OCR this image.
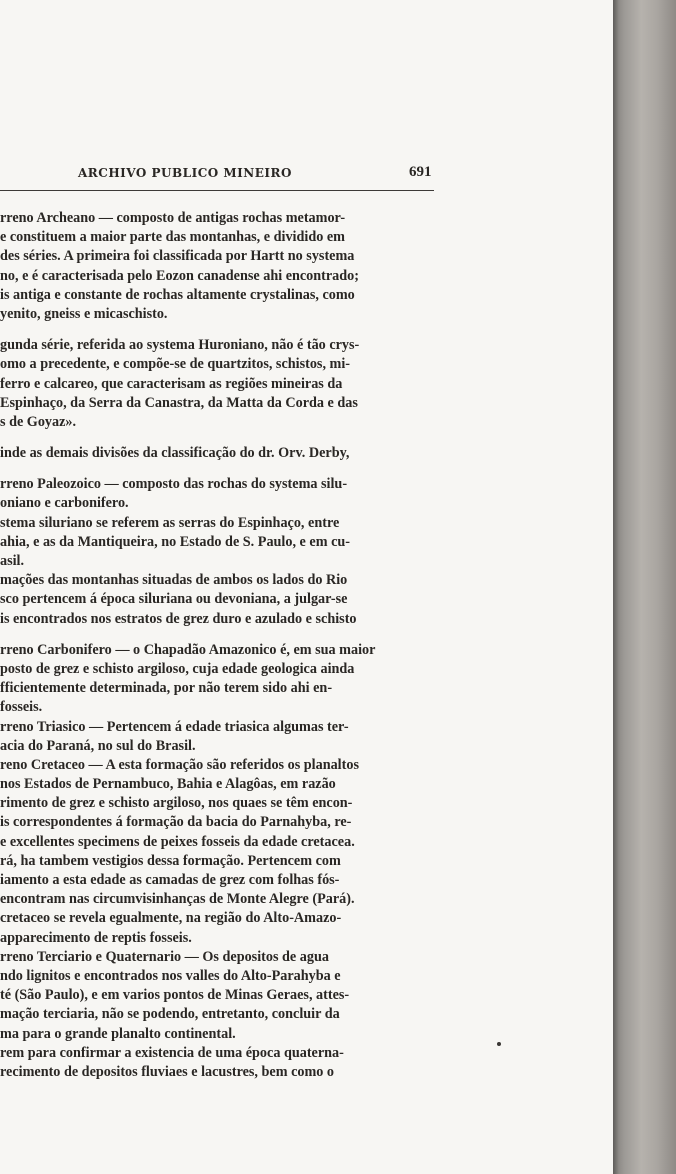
ARCHIVO PUBLICO MINEIRO	691
rreno Archeano — composto de antigas rochas metamor-
e constituem a maior parte das montanhas, e dividido em
des séries. A primeira foi classificada por Hartt no systema
no, e é caracterisada pelo Eozon canadense ahi encontrado;
is antiga e constante de rochas altamente crystalinas, como
yenito, gneiss e micaschisto.
gunda série, referida ao systema Huroniano, não é tão crys-
omo a precedente, e compõe-se de quartzitos, schistos, mi-
ferro e calcareo, que caracterisam as regiões mineiras da
Espinhaço, da Serra da Canastra, da Matta da Corda e das
s de Goyaz».
inde as demais divisões da classificação do dr. Orv. Derby,
rreno Paleozoico — composto das rochas do systema silu-
oniano e carbonifero.
stema siluriano se referem as serras do Espinhaço, entre
ahia, e as da Mantiqueira, no Estado de S. Paulo, e em cu-
asil.
mações das montanhas situadas de ambos os lados do Rio
sco pertencem á época siluriana ou devoniana, a julgar-se
is encontrados nos estratos de grez duro e azulado e schisto
rreno Carbonifero — o Chapadão Amazonico é, em sua maior
posto de grez e schisto argiloso, cuja edade geologica ainda
fficientemente determinada, por não terem sido ahi en-
fosseis.
rreno Triasico — Pertencem á edade triasica algumas ter-
acia do Paraná, no sul do Brasil.
reno Cretaceo — A esta formação são referidos os planaltos
nos Estados de Pernambuco, Bahia e Alagôas, em razão
rimento de grez e schisto argiloso, nos quaes se têm encon-
is correspondentes á formação da bacia do Parnahyba, re-
e excellentes specimens de peixes fosseis da edade cretacea.
rá, ha tambem vestigios dessa formação. Pertencem com
iamento a esta edade as camadas de grez com folhas fós-
encontram nas circumvisinhanças de Monte Alegre (Pará).
cretaceo se revela egualmente, na região do Alto-Amazo-
apparecimento de reptis fosseis.
rreno Terciario e Quaternario — Os depositos de agua
ndo lignitos e encontrados nos valles do Alto-Parahyba e
té (São Paulo), e em varios pontos de Minas Geraes, attes-
mação terciaria, não se podendo, entretanto, concluir da
ma para o grande planalto continental.
rem para confirmar a existencia de uma época quaterna-
recimento de depositos fluviaes e lacustres, bem como o
